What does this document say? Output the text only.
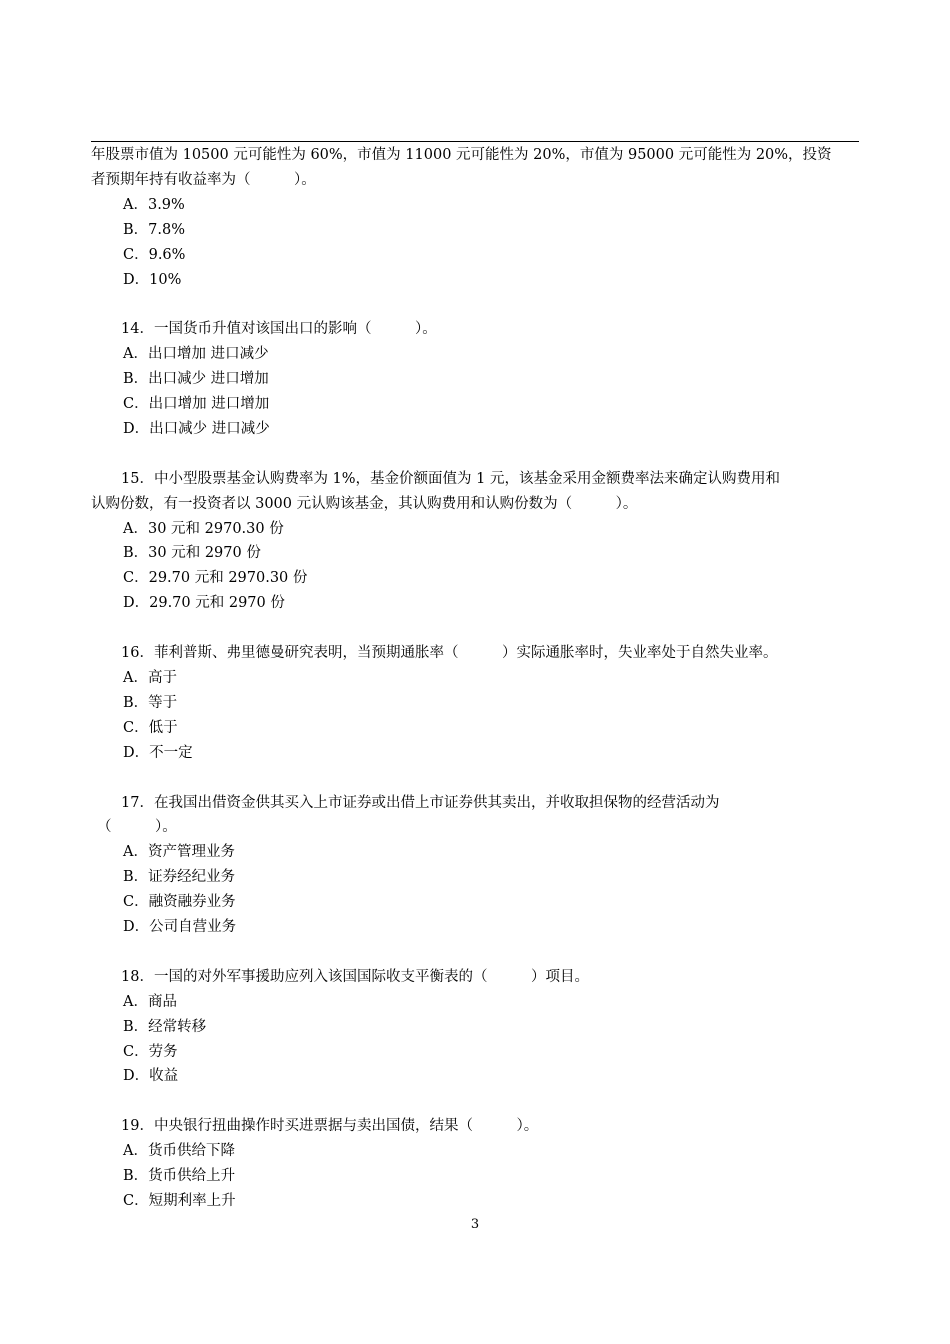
年股票市值为 10500 元可能性为 60%，市值为 11000 元可能性为 20%，市值为 95000 元可能性为 20%，投资

者预期年持有收益率为（　　　）。

A．3.9%

B．7.8%

C．9.6%

D．10%

14．一国货币升值对该国出口的影响（　　　）。

A．出口增加 进口减少

B．出口减少 进口增加

C．出口增加 进口增加

D．出口减少 进口减少

15．中小型股票基金认购费率为 1%，基金价额面值为 1 元，该基金采用金额费率法来确定认购费用和

认购份数，有一投资者以 3000 元认购该基金，其认购费用和认购份数为（　　　）。

A．30 元和 2970.30 份

B．30 元和 2970 份

C．29.70 元和 2970.30 份

D．29.70 元和 2970 份

16．菲利普斯、弗里德曼研究表明，当预期通胀率（　　　）实际通胀率时，失业率处于自然失业率。

A．高于

B．等于

C．低于

D．不一定

17．在我国出借资金供其买入上市证券或出借上市证券供其卖出，并收取担保物的经营活动为

（　　　）。

A．资产管理业务

B．证券经纪业务

C．融资融券业务

D．公司自营业务

18．一国的对外军事援助应列入该国国际收支平衡表的（　　　）项目。

A．商品

B．经常转移

C．劳务

D．收益

19．中央银行扭曲操作时买进票据与卖出国债，结果（　　　）。

A．货币供给下降

B．货币供给上升

C．短期利率上升

3
